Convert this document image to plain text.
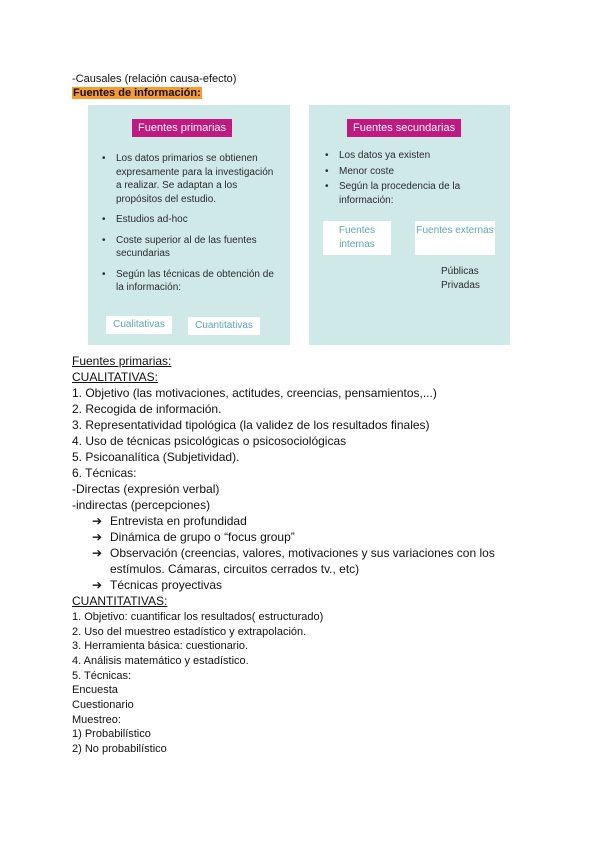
-Causales (relación causa-efecto)
Fuentes de información:
Fuentes primarias
• Los datos primarios se obtienen expresamente para la investigación a realizar. Se adaptan a los propósitos del estudio.
• Estudios ad-hoc
• Coste superior al de las fuentes secundarias
• Según las técnicas de obtención de la información:
Cualitativas	Cuantitativas
Fuentes secundarias
• Los datos ya existen
• Menor coste
• Según la procedencia de la información:
Fuentes internas
Fuentes externas
Públicas
Privadas
Fuentes primarias:
CUALITATIVAS:
1. Objetivo (las motivaciones, actitudes, creencias, pensamientos,...)
2. Recogida de información.
3. Representatividad tipológica (la validez de los resultados finales)
4. Uso de técnicas psicológicas o psicosociológicas
5. Psicoanalítica (Subjetividad).
6. Técnicas:
-Directas (expresión verbal)
-indirectas (percepciones)
➔ Entrevista en profundidad
➔ Dinámica de grupo o “focus group”
➔ Observación (creencias, valores, motivaciones y sus variaciones con los
estímulos. Cámaras, circuitos cerrados tv., etc)
➔ Técnicas proyectivas
CUANTITATIVAS:
1. Objetivo: cuantificar los resultados( estructurado)
2. Uso del muestreo estadístico y extrapolación.
3. Herramienta básica: cuestionario.
4. Análisis matemático y estadístico.
5. Técnicas:
Encuesta
Cuestionario
Muestreo:
1) Probabilístico
2) No probabilístico
